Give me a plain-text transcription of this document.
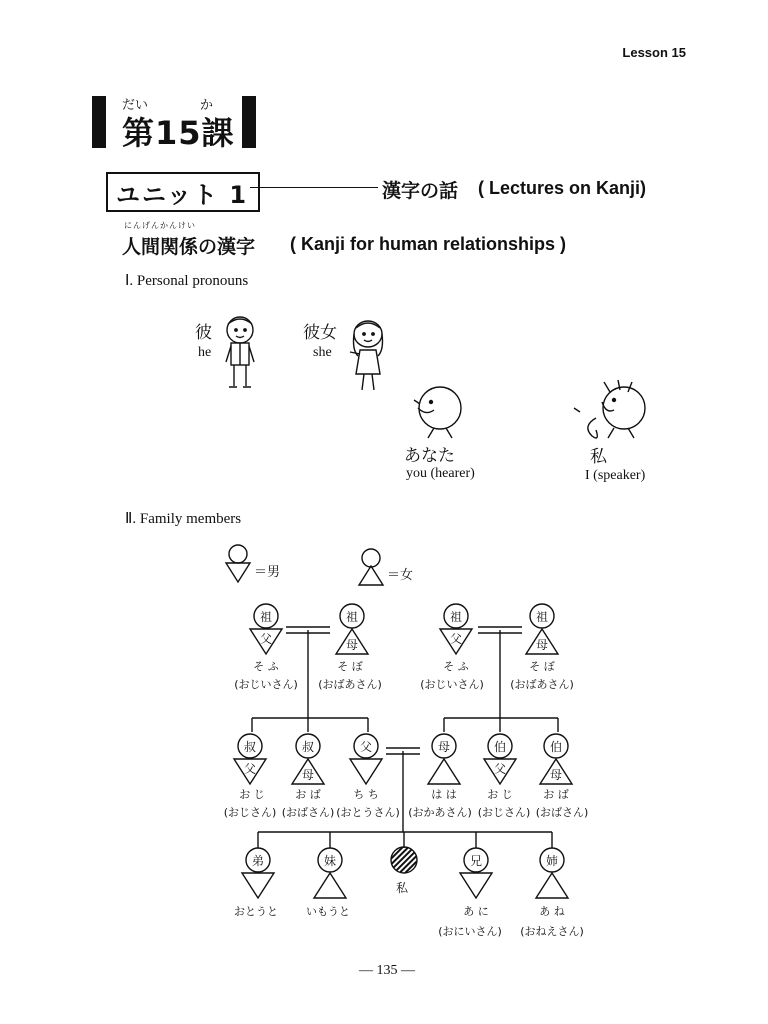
Lesson 15
だい	か
第15課
ユニット 1	漢字の話 ( Lectures on Kanji)
にんげんかんけい
人間関係の漢字 ( Kanji for human relationships )
Ⅰ. Personal pronouns
彼
he
彼女
she
あなた
you (hearer)
私
I (speaker)
Ⅱ. Family members
祖
父
祖
母
祖
父
祖
母
そ ふ
(おじいさん)
そ ぼ
(おばあさん)
そ ふ
(おじいさん)
そ ぼ
(おばあさん)
叔
父
叔
母
父	母	伯
父
伯
母
お じ
(おじさん)
お ば
(おばさん)
ち ち
(おとうさん)
は は
(おかあさん)
お じ
(おじさん)
お ば
(おばさん)
弟	妹	兄	姉
私
おとうと	いもうと	あ に
(おにいさん)
あ ね
(おねえさん)
＝男	＝女
— 135 —
